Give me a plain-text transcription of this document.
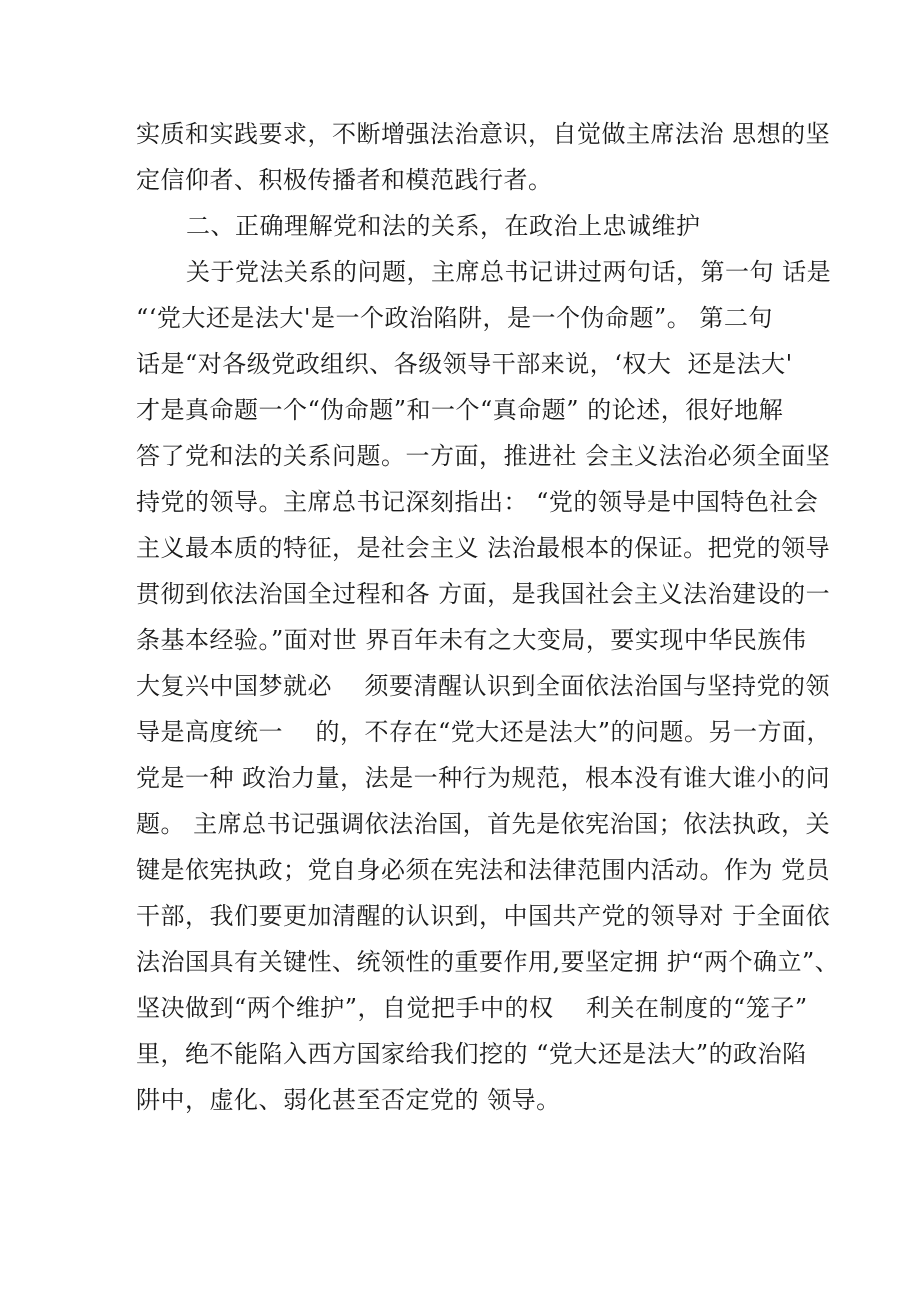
实质和实践要求，不断增强法治意识，自觉做主席法治 思想的坚
定信仰者、积极传播者和模范践行者。
二、正确理解党和法的关系，在政治上忠诚维护
关于党法关系的问题，主席总书记讲过两句话，第一句 话是
“‘党大还是法大'是一个政治陷阱，是一个伪命题”。 第二句
话是“对各级党政组织、各级领导干部来说，‘权大  还是法大'
才是真命题一个“伪命题”和一个“真命题” 的论述，很好地解
答了党和法的关系问题。一方面，推进社 会主义法治必须全面坚
持党的领导。主席总书记深刻指出： “党的领导是中国特色社会
主义最本质的特征，是社会主义 法治最根本的保证。把党的领导
贯彻到依法治国全过程和各 方面，是我国社会主义法治建设的一
条基本经验。”面对世 界百年未有之大变局，要实现中华民族伟
大复兴中国梦就必    须要清醒认识到全面依法治国与坚持党的领
导是高度统一    的，不存在“党大还是法大”的问题。另一方面，
党是一种 政治力量，法是一种行为规范，根本没有谁大谁小的问
题。 主席总书记强调依法治国，首先是依宪治国；依法执政，关
键是依宪执政；党自身必须在宪法和法律范围内活动。作为 党员
干部，我们要更加清醒的认识到，中国共产党的领导对 于全面依
法治国具有关键性、统领性的重要作用,要坚定拥 护“两个确立”、
坚决做到“两个维护”，自觉把手中的权    利关在制度的“笼子”
里，绝不能陷入西方国家给我们挖的 “党大还是法大”的政治陷
阱中，虚化、弱化甚至否定党的 领导。
